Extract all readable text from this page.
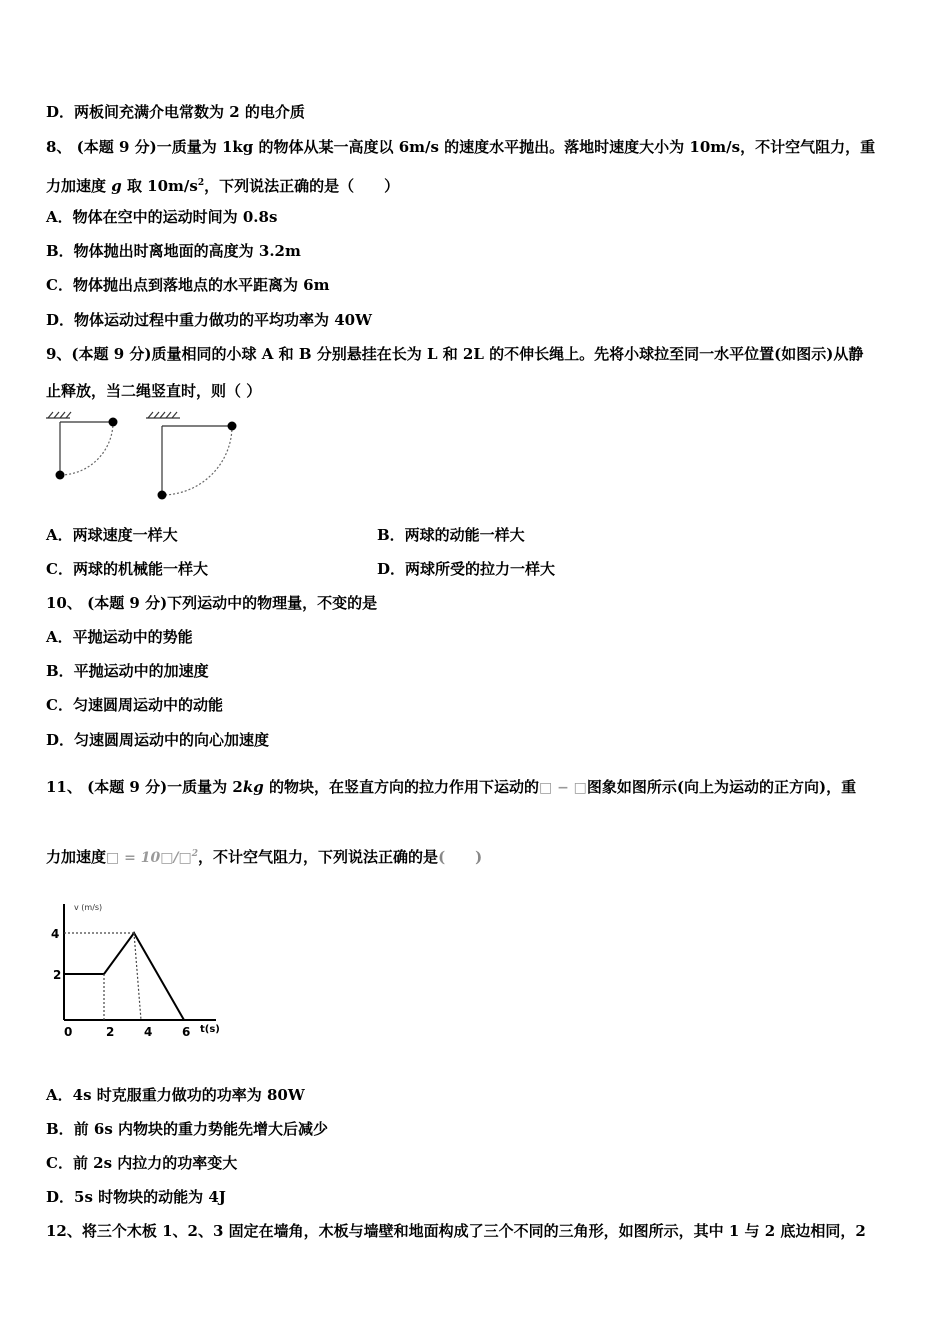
D．两板间充满介电常数为 2 的电介质
8、 (本题 9 分)一质量为 1kg 的物体从某一高度以 6m/s 的速度水平抛出。落地时速度大小为 10m/s，不计空气阻力，重
力加速度 g 取 $10m/s^2$，下列说法正确的是（　　）
A．物体在空中的运动时间为 0.8s
B．物体抛出时离地面的高度为 3.2m
C．物体抛出点到落地点的水平距离为 6m
D．物体运动过程中重力做功的平均功率为 40W
9、(本题 9 分)质量相同的小球 A 和 B 分别悬挂在长为 L 和 2L 的不伸长绳上。先将小球拉至同一水平位置(如图示)从静
止释放，当二绳竖直时，则（ ）
A．两球速度一样大	B．两球的动能一样大
C．两球的机械能一样大	D．两球所受的拉力一样大
10、 (本题 9 分)下列运动中的物理量，不变的是
A．平抛运动中的势能
B．平抛运动中的加速度
C．匀速圆周运动中的动能
D．匀速圆周运动中的向心加速度
11、 (本题 9 分)一质量为 2kg 的物块，在竖直方向的拉力作用下运动的□ − □图象如图所示(向上为运动的正方向)，重
力加速度□ = 10□/□$^2$，不计空气阻力，下列说法正确的是(　　)
v (m/s)
4
2
0	2 4 6 t(s)
A．4s 时克服重力做功的功率为 80W
B．前 6s 内物块的重力势能先增大后减少
C．前 2s 内拉力的功率变大
D．5s 时物块的动能为 4J
12、将三个木板 1、2、3 固定在墙角，木板与墙壁和地面构成了三个不同的三角形，如图所示，其中 1 与 2 底边相同，2
